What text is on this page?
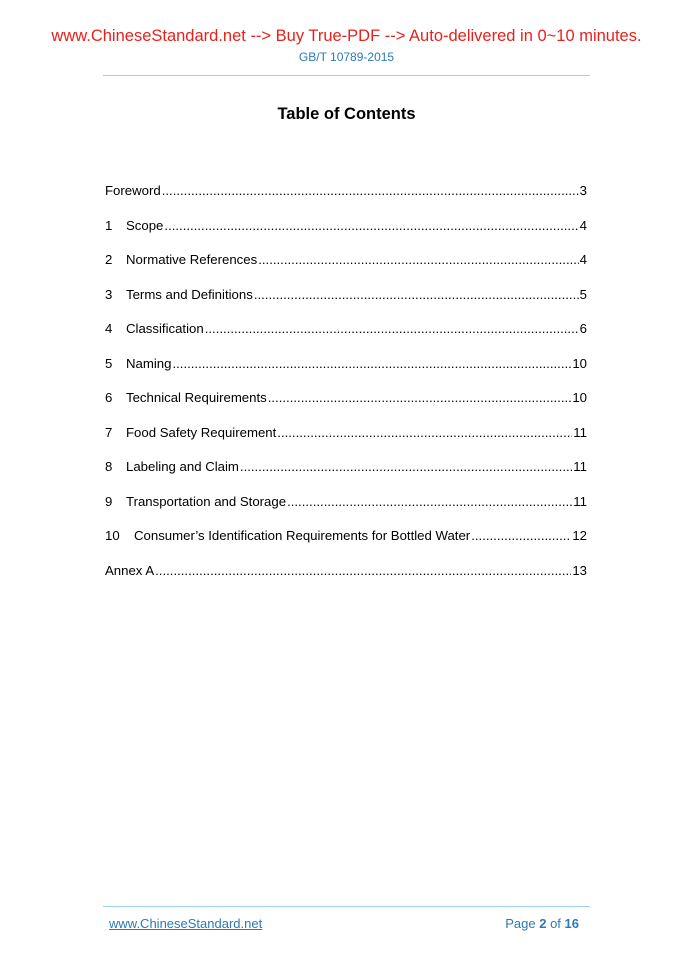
www.ChineseStandard.net --> Buy True-PDF --> Auto-delivered in 0~10 minutes.
GB/T 10789-2015
Table of Contents
Foreword .....	3
1	Scope .....	4
2	Normative References .....	4
3	Terms and Definitions .....	5
4	Classification .....	6
5	Naming .....	10
6	Technical Requirements .....	10
7	Food Safety Requirement .....	11
8	Labeling and Claim .....	11
9	Transportation and Storage .....	11
10	Consumer’s Identification Requirements for Bottled Water .....	12
Annex A .....	13
www.ChineseStandard.net	Page 2 of 16
